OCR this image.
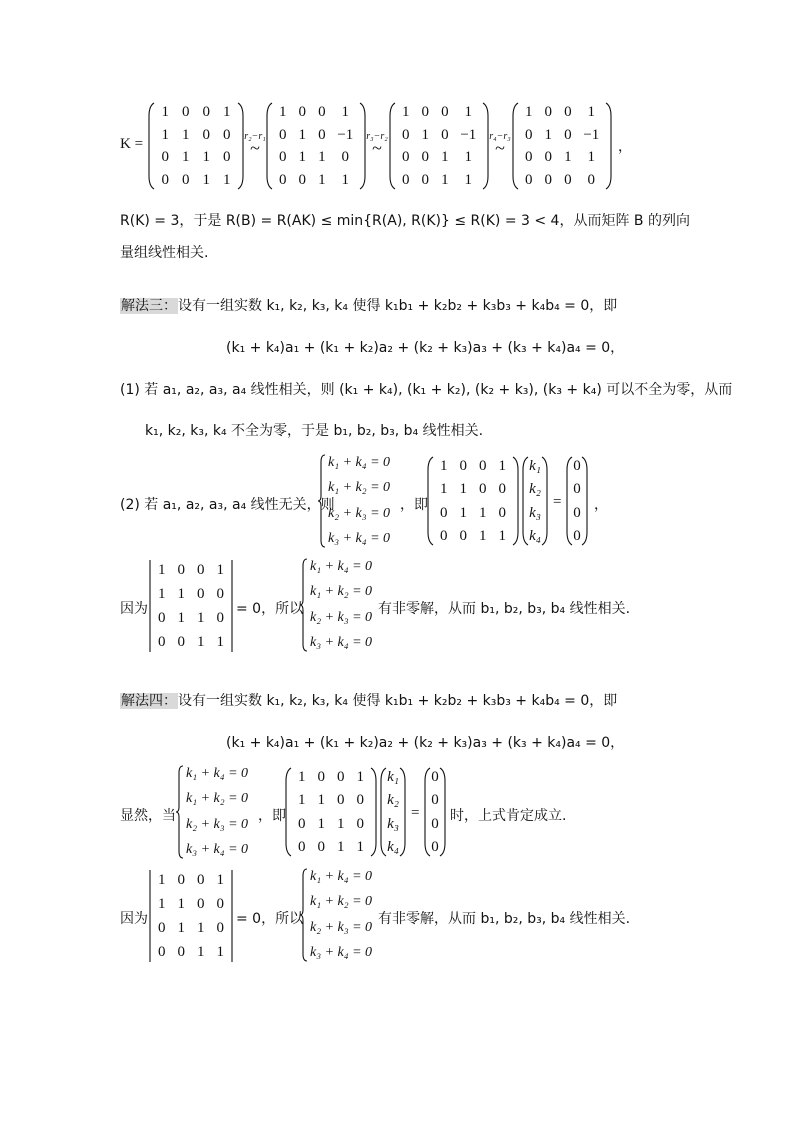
K =
1 0 0 1
1 1 0 0
0 1 1 0
0 0 1 1
r₂−r₁
~
1 0 0	1
0 1 0 −1
0 1 1	0
0 0 1	1
r₃−r₂
~
1 0 0	1
0 1 0 −1
0 0 1	1
0 0 1	1
r₄−r₃
~
1 0 0	1
0 1 0 −1
0 0 1	1
0 0 0	0
，
R(K) = 3，于是 R(B) = R(AK) ≤ min{R(A), R(K)} ≤ R(K) = 3 < 4，从而矩阵 B 的列向
量组线性相关.
解法三：设有一组实数 k₁, k₂, k₃, k₄ 使得 k₁b₁ + k₂b₂ + k₃b₃ + k₄b₄ = 0，即
(k₁ + k₄)a₁ + (k₁ + k₂)a₂ + (k₂ + k₃)a₃ + (k₃ + k₄)a₄ = 0，
(1) 若 a₁, a₂, a₃, a₄ 线性相关，则 (k₁ + k₄), (k₁ + k₂), (k₂ + k₃), (k₃ + k₄) 可以不全为零，从而
k₁, k₂, k₃, k₄ 不全为零，于是 b₁, b₂, b₃, b₄ 线性相关.
(2) 若 a₁, a₂, a₃, a₄ 线性无关，则
k₁ + k₄ = 0
k₁ + k₂ = 0
k₂ + k₃ = 0
k₃ + k₄ = 0
，即
1 0 0 1
1 1 0 0
0 1 1 0
0 0 1 1
k₁
k₂
k₃
k₄
=
0
0
0
0
，
因为
1 0 0 1
1 1 0 0
0 1 1 0
0 0 1 1
= 0，所以
k₁ + k₄ = 0
k₁ + k₂ = 0
k₂ + k₃ = 0
k₃ + k₄ = 0
有非零解，从而 b₁, b₂, b₃, b₄ 线性相关.
解法四：设有一组实数 k₁, k₂, k₃, k₄ 使得 k₁b₁ + k₂b₂ + k₃b₃ + k₄b₄ = 0，即
(k₁ + k₄)a₁ + (k₁ + k₂)a₂ + (k₂ + k₃)a₃ + (k₃ + k₄)a₄ = 0，
显然，当
k₁ + k₄ = 0
k₁ + k₂ = 0
k₂ + k₃ = 0
k₃ + k₄ = 0
，即
1 0 0 1
1 1 0 0
0 1 1 0
0 0 1 1
k₁
k₂
k₃
k₄
=
0
0
0
0
时，上式肯定成立.
因为
1 0 0 1
1 1 0 0
0 1 1 0
0 0 1 1
= 0，所以
k₁ + k₄ = 0
k₁ + k₂ = 0
k₂ + k₃ = 0
k₃ + k₄ = 0
有非零解，从而 b₁, b₂, b₃, b₄ 线性相关.
